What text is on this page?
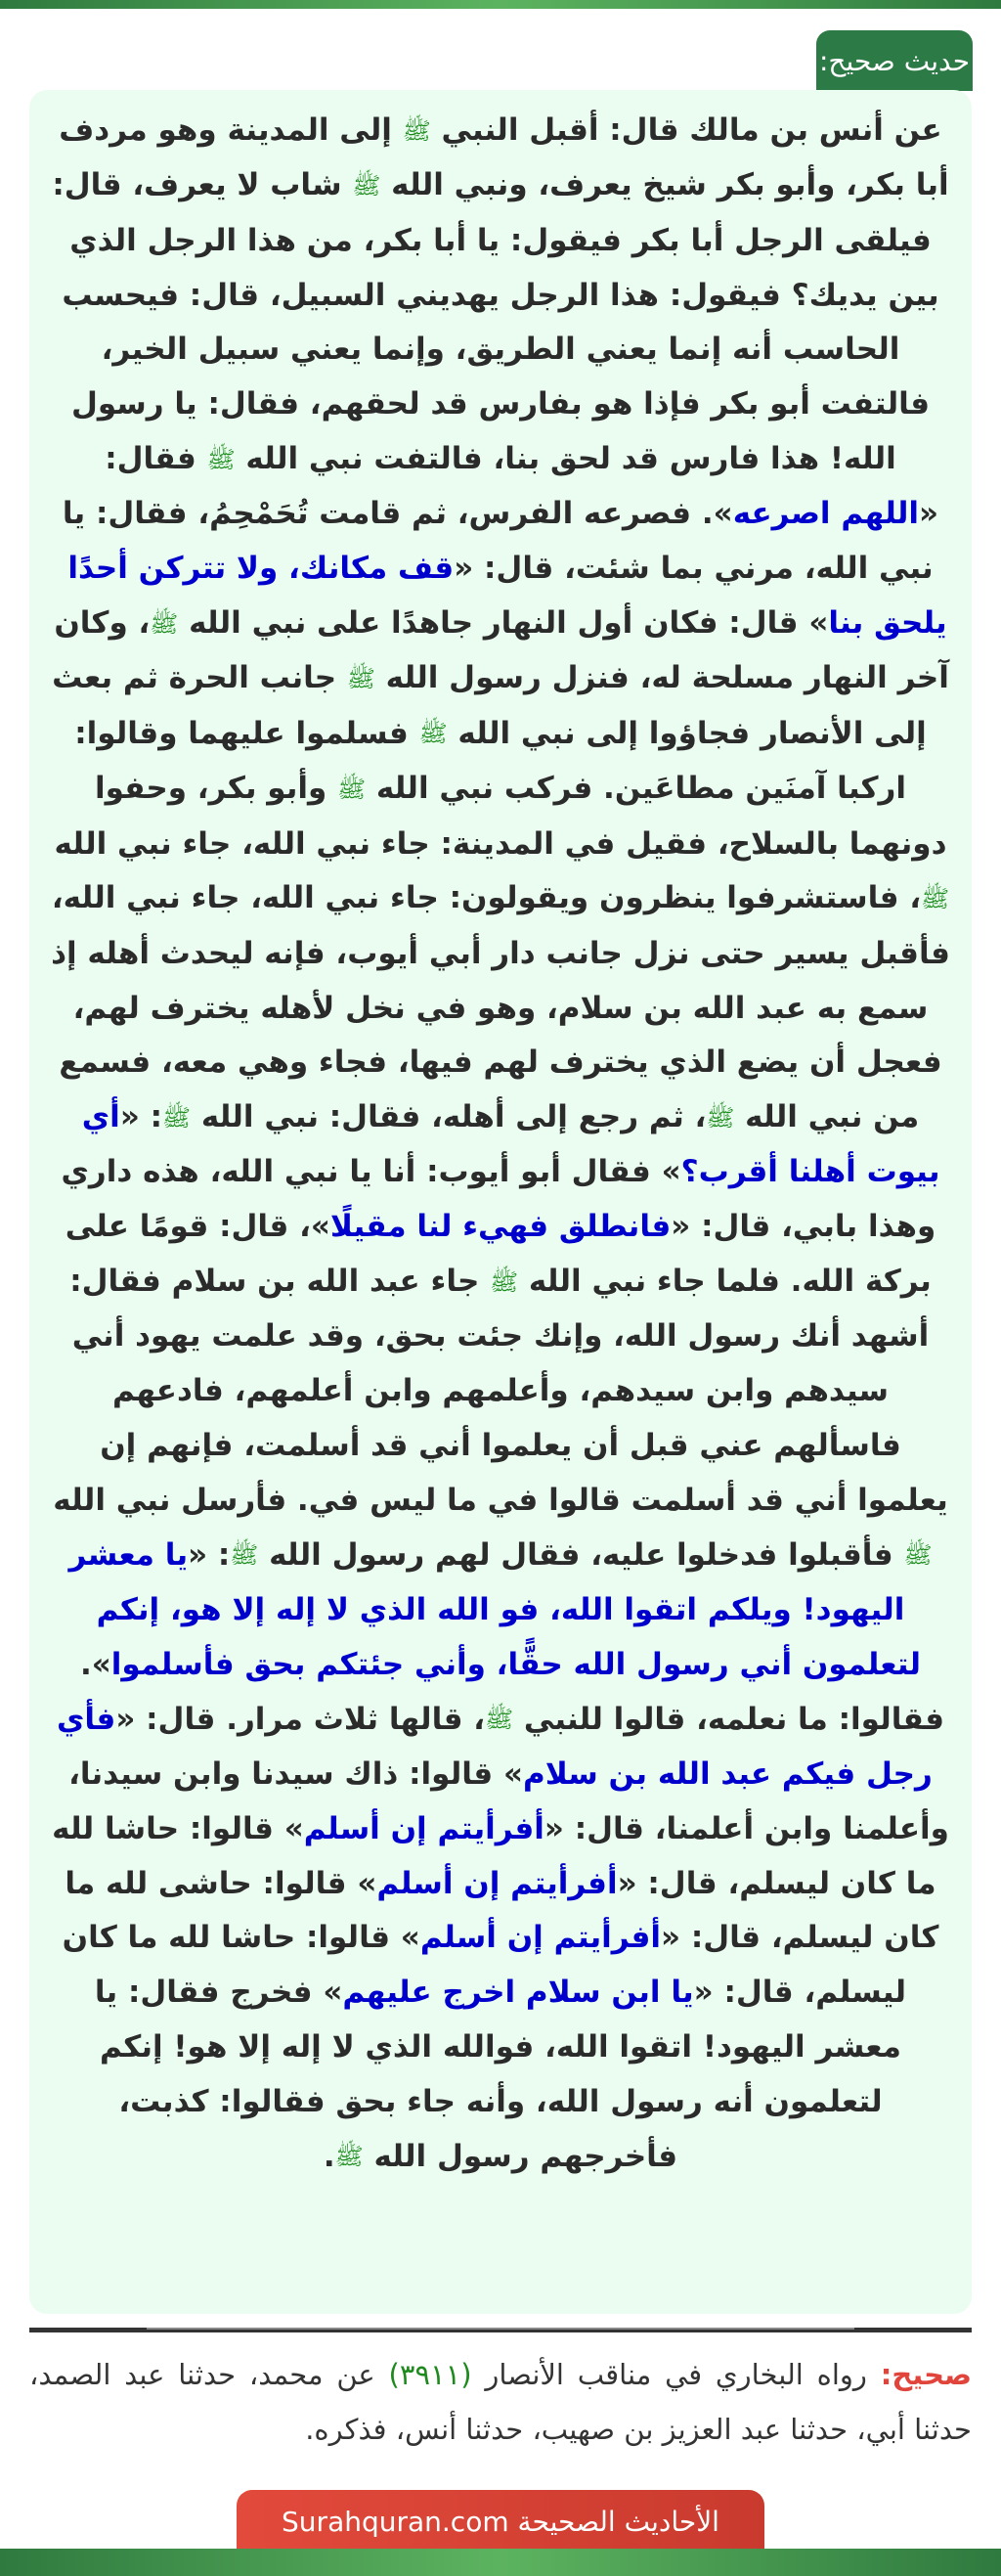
حديث صحيح:

عن أنس بن مالك قال: أقبل النبي ﷺ إلى المدينة وهو مردف أبا بكر، وأبو بكر شيخ يعرف، ونبي الله ﷺ شاب لا يعرف، قال: فيلقى الرجل أبا بكر فيقول: يا أبا بكر، من هذا الرجل الذي بين يديك؟ فيقول: هذا الرجل يهديني السبيل، قال: فيحسب الحاسب أنه إنما يعني الطريق، وإنما يعني سبيل الخير، فالتفت أبو بكر فإذا هو بفارس قد لحقهم، فقال: يا رسول الله! هذا فارس قد لحق بنا، فالتفت نبي الله ﷺ فقال: «اللهم اصرعه». فصرعه الفرس، ثم قامت تُحَمْحِمُ، فقال: يا نبي الله، مرني بما شئت، قال: «قف مكانك، ولا تتركن أحدًا يلحق بنا» قال: فكان أول النهار جاهدًا على نبي الله ﷺ، وكان آخر النهار مسلحة له، فنزل رسول الله ﷺ جانب الحرة ثم بعث إلى الأنصار فجاؤوا إلى نبي الله ﷺ فسلموا عليهما وقالوا: اركبا آمنَين مطاعَين. فركب نبي الله ﷺ وأبو بكر، وحفوا دونهما بالسلاح، فقيل في المدينة: جاء نبي الله، جاء نبي الله ﷺ، فاستشرفوا ينظرون ويقولون: جاء نبي الله، جاء نبي الله، فأقبل يسير حتى نزل جانب دار أبي أيوب، فإنه ليحدث أهله إذ سمع به عبد الله بن سلام، وهو في نخل لأهله يخترف لهم، فعجل أن يضع الذي يخترف لهم فيها، فجاء وهي معه، فسمع من نبي الله ﷺ، ثم رجع إلى أهله، فقال: نبي الله ﷺ: «أي بيوت أهلنا أقرب؟» فقال أبو أيوب: أنا يا نبي الله، هذه داري وهذا بابي، قال: «فانطلق فهيء لنا مقيلًا»، قال: قومًا على بركة الله. فلما جاء نبي الله ﷺ جاء عبد الله بن سلام فقال: أشهد أنك رسول الله، وإنك جئت بحق، وقد علمت يهود أني سيدهم وابن سيدهم، وأعلمهم وابن أعلمهم، فادعهم فاسألهم عني قبل أن يعلموا أني قد أسلمت، فإنهم إن يعلموا أني قد أسلمت قالوا في ما ليس في. فأرسل نبي الله ﷺ فأقبلوا فدخلوا عليه، فقال لهم رسول الله ﷺ: «يا معشر اليهود! ويلكم اتقوا الله، فو الله الذي لا إله إلا هو، إنكم لتعلمون أني رسول الله حقًّا، وأني جئتكم بحق فأسلموا». فقالوا: ما نعلمه، قالوا للنبي ﷺ، قالها ثلاث مرار. قال: «فأي رجل فيكم عبد الله بن سلام» قالوا: ذاك سيدنا وابن سيدنا، وأعلمنا وابن أعلمنا، قال: «أفرأيتم إن أسلم» قالوا: حاشا لله ما كان ليسلم، قال: «أفرأيتم إن أسلم» قالوا: حاشى لله ما كان ليسلم، قال: «أفرأيتم إن أسلم» قالوا: حاشا لله ما كان ليسلم، قال: «يا ابن سلام اخرج عليهم» فخرج فقال: يا معشر اليهود! اتقوا الله، فوالله الذي لا إله إلا هو! إنكم لتعلمون أنه رسول الله، وأنه جاء بحق فقالوا: كذبت، فأخرجهم رسول الله ﷺ.

صحيح: رواه البخاري في مناقب الأنصار (٣٩١١) عن محمد، حدثنا عبد الصمد، حدثنا أبي، حدثنا عبد العزيز بن صهيب، حدثنا أنس، فذكره.
الأحاديث الصحيحة Surahquran.com
